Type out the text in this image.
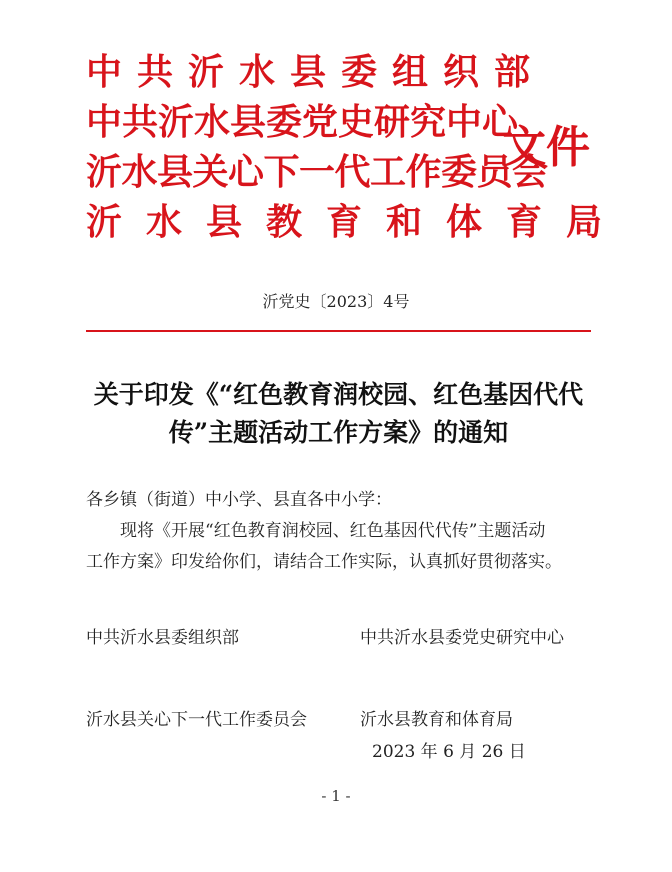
中共沂水县委组织部
中共沂水县委党史研究中心
沂水县关心下一代工作委员会
沂水县教育和体育局
文件
沂党史〔2023〕4号
关于印发《“红色教育润校园、红色基因代代
传”主题活动工作方案》的通知
各乡镇（街道）中小学、县直各中小学：
现将《开展“红色教育润校园、红色基因代代传”主题活动
工作方案》印发给你们，请结合工作实际，认真抓好贯彻落实。
中共沂水县委组织部	中共沂水县委党史研究中心
沂水县关心下一代工作委员会	沂水县教育和体育局
2023 年 6 月 26 日
- 1 -
